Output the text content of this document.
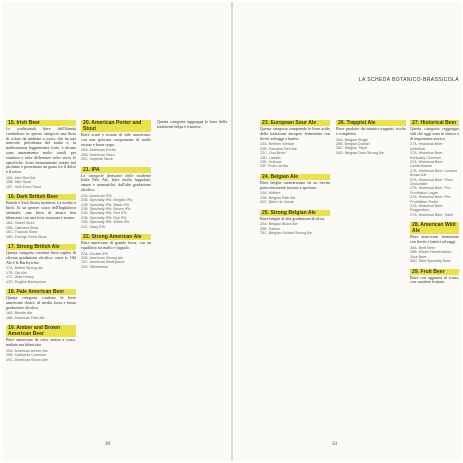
15. Irish Beer

Le tradizionali birre dall'Irlanda contindono in questa categoria una birra di colore da ambrato a scuro, che ha una notevole prevalenza del malto e, la maltosissima leggermente forte, e alcune sono amaramente molto simili per struttura e tutte differenze sotto verso le specifiche. Sono intensamente tostate nel profumo e presentano un gusto tra il dolce e il secco.

15A. Irish Red Ale
15B. Irish Stout
15C. Irish Extra Stout
16. Dark British Beer

British e Irish Stouts moderni. La moltre a birrà. Ai un genere scuro dell'Inghilterra orientale, una birra di amaro ben bilanciato con una forte tostatura e aroma.

16A. Sweet Stout
16B. Oatmeal Stout
16C. Tropical Stout
16D. Foreign Extra Stout
17. Strong British Ale

Questa categoria contiene birre inglesi di elevata gradazione alcolica, come le Old Ale e le Barleywine.

17A. British Strong Ale
17B. Old Ale
17C. Wee Heavy
17D. English Barleywine
18. Pale American Beer

Questa categoria contiene le birre americane chiare, di media forza e bassa gradazione alcolica.

18A. Blonde Ale
18B. American Pale Ale
19. Amber and Brown American Beer

Birre americane da color ambra a scuro, maltate ma bilanciate.

19A. American Amber Ale
19B. California Common
19C. American Brown Ale
20. American Porter and Stout

Birre scure e tostate di stile americano, con una spiccata componente di malto tostato e buon corpo.

20A. American Porter
20B. American Stout
20C. Imperial Stout
21. IPA

Le categorie derivante delle moderne India Pale Ale, birre molto luppolate, amare e aromatiche, dall'alta gradazione alcolica.

21A. American IPA
21B. Specialty IPA: Belgian IPA
21B. Specialty IPA: Black IPA
21B. Specialty IPA: Brown IPA
21B. Specialty IPA: Red IPA
21B. Specialty IPA: Rye IPA
21B. Specialty IPA: White IPA
21C. Hazy IPA
22. Strong American Ale

Birre americane di grande forza, con un equilibrio tra malto e luppolo.

22A. Double IPA
22B. American Strong Ale
22C. American Barleywine
22D. Wheatwine

Questa categoria raggruppa le birre della tradizione belga e francese.

30
LA SCHEDA BOTANICO-BRASSICOLA
23. European Sour Ale

Questa categoria comprende le birre acide della tradizione europea, fermentate con lieviti selvaggi e batteri.

23A. Berliner Weisse
23B. Flanders Red Ale
23C. Oud Bruin
23D. Lambic
23E. Gueuze
23F. Fruit Lambic
24. Belgian Ale

Birre belghe caratterizzate da un lievito particolarmente fruttato e speziato.

24A. Witbier
24B. Belgian Pale Ale
24C. Bière de Garde
25. Strong Belgian Ale

Birre belghe di alta gradazione alcolica.

25A. Belgian Blond Ale
25B. Saison
25C. Belgian Golden Strong Ale
26. Trappist Ale

Birre prodotte dai monaci trappisti, ricche e complesse.

26A. Belgian Single
26B. Belgian Dubbel
26C. Belgian Tripel
26D. Belgian Dark Strong Ale
27. Historical Beer

Questa categoria raggruppa stili che oggi sono in disuso o di importanza storica.

27A. Historical Beer: Kellerbier
27A. Historical Beer: Kentucky Common
27A. Historical Beer: Lichtenhainer
27A. Historical Beer: London Brown Ale
27A. Historical Beer: Piwo Grodziskie
27A. Historical Beer: Pre-Prohibition Lager
27A. Historical Beer: Pre-Prohibition Porter
27A. Historical Beer: Roggenbier
27A. Historical Beer: Sahti
28. American Wild Ale

Birre americane fermentate con lieviti e batteri selvaggi.

28A. Brett Beer
28B. Mixed-Fermentation Sour Beer
28C. Wild Specialty Beer
29. Fruit Beer

Birre con aggiunta di frutta, con carattere fruttato.

33
